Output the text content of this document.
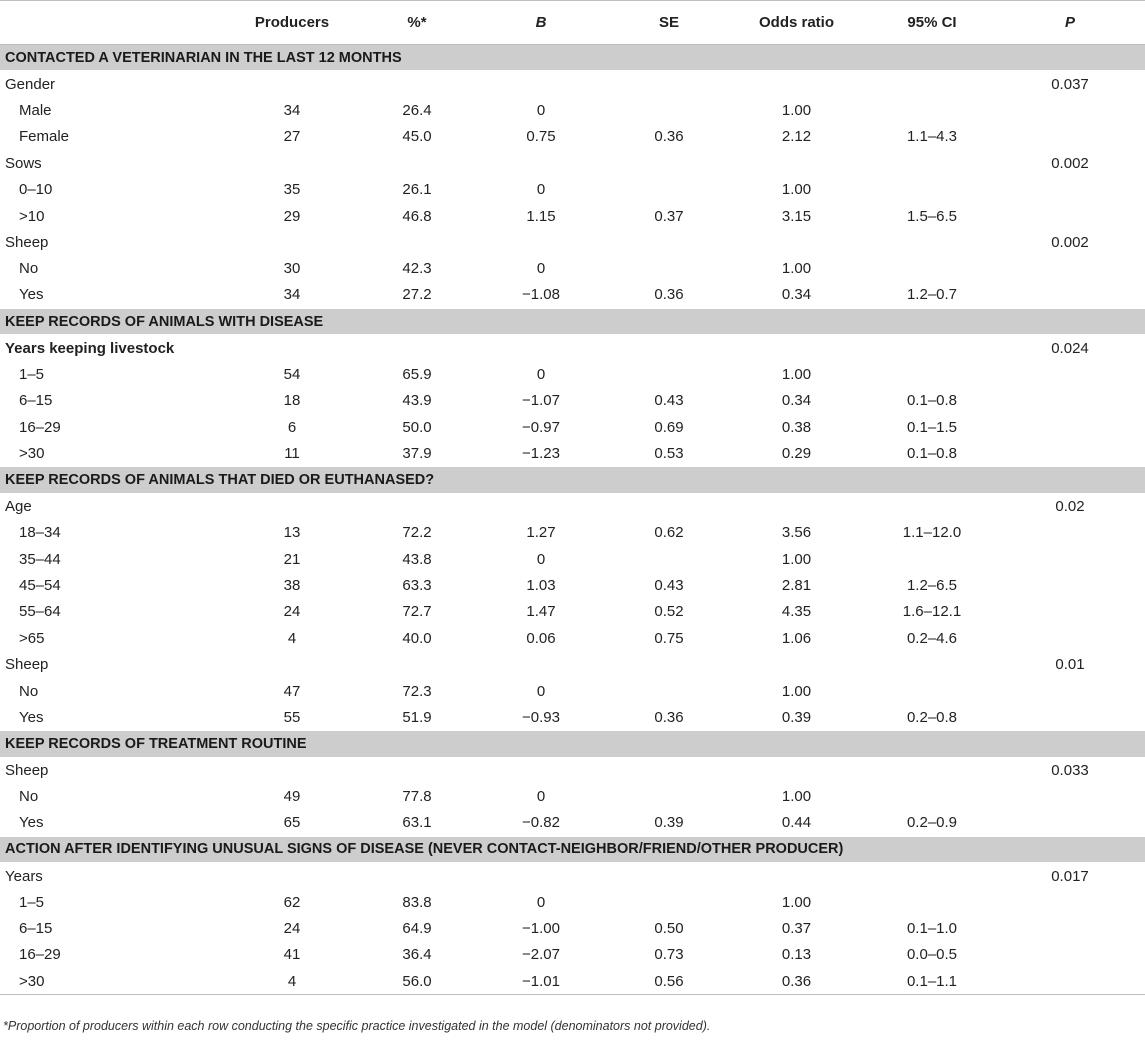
	Producers	%*	B	SE	Odds ratio	95% CI	P
CONTACTED A VETERINARIAN IN THE LAST 12 MONTHS							
Gender							0.037
Male	34	26.4	0		1.00		
Female	27	45.0	0.75	0.36	2.12	1.1–4.3	
Sows							0.002
0–10	35	26.1	0		1.00		
>10	29	46.8	1.15	0.37	3.15	1.5–6.5	
Sheep							0.002
No	30	42.3	0		1.00		
Yes	34	27.2	−1.08	0.36	0.34	1.2–0.7	
KEEP RECORDS OF ANIMALS WITH DISEASE							
Years keeping livestock							0.024
1–5	54	65.9	0		1.00		
6–15	18	43.9	−1.07	0.43	0.34	0.1–0.8	
16–29	6	50.0	−0.97	0.69	0.38	0.1–1.5	
>30	11	37.9	−1.23	0.53	0.29	0.1–0.8	
KEEP RECORDS OF ANIMALS THAT DIED OR EUTHANASED?							
Age							0.02
18–34	13	72.2	1.27	0.62	3.56	1.1–12.0	
35–44	21	43.8	0		1.00		
45–54	38	63.3	1.03	0.43	2.81	1.2–6.5	
55–64	24	72.7	1.47	0.52	4.35	1.6–12.1	
>65	4	40.0	0.06	0.75	1.06	0.2–4.6	
Sheep							0.01
No	47	72.3	0		1.00		
Yes	55	51.9	−0.93	0.36	0.39	0.2–0.8	
KEEP RECORDS OF TREATMENT ROUTINE							
Sheep							0.033
No	49	77.8	0		1.00		
Yes	65	63.1	−0.82	0.39	0.44	0.2–0.9	
ACTION AFTER IDENTIFYING UNUSUAL SIGNS OF DISEASE (NEVER CONTACT-NEIGHBOR/FRIEND/OTHER PRODUCER)							
Years							0.017
1–5	62	83.8	0		1.00		
6–15	24	64.9	−1.00	0.50	0.37	0.1–1.0	
16–29	41	36.4	−2.07	0.73	0.13	0.0–0.5	
>30	4	56.0	−1.01	0.56	0.36	0.1–1.1	
*Proportion of producers within each row conducting the specific practice investigated in the model (denominators not provided).
